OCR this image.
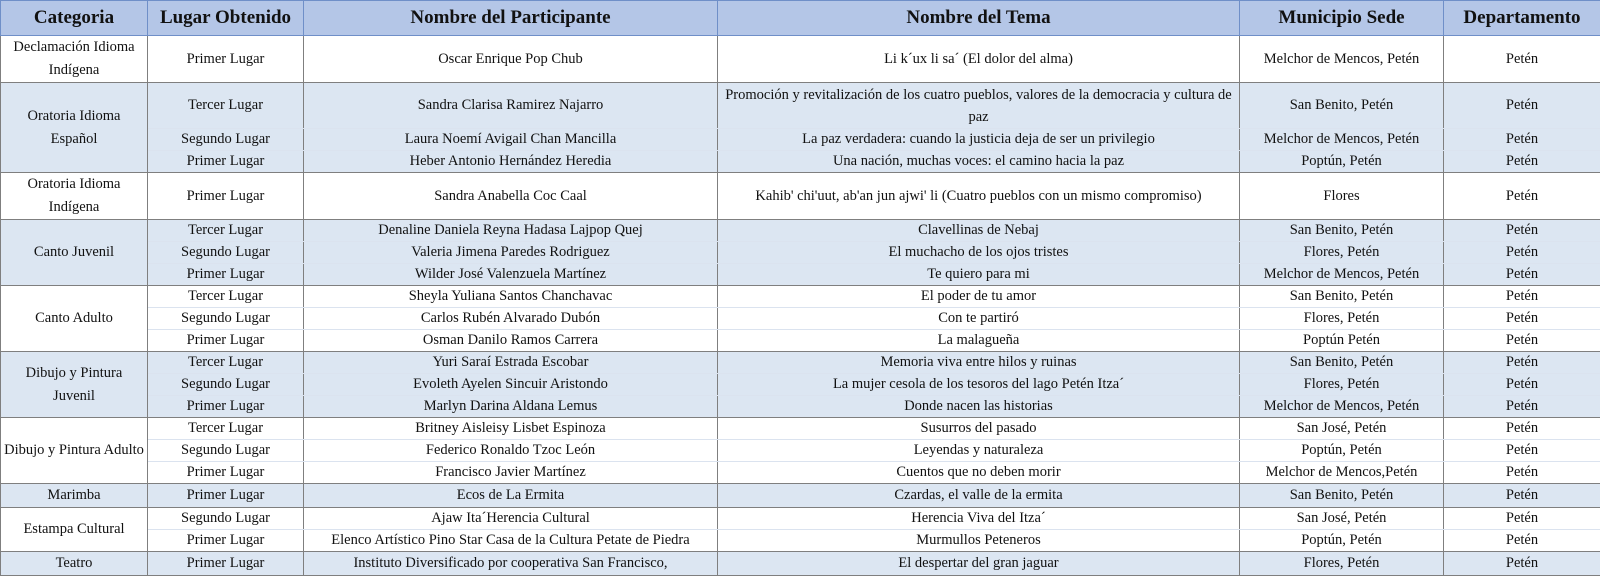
Categoria	Lugar Obtenido	Nombre del Participante	Nombre del Tema	Municipio Sede	Departamento
Declamación Idioma Indígena	Primer Lugar	Oscar Enrique Pop Chub	Li k´ux li sa´ (El dolor del alma)	Melchor de Mencos, Petén	Petén
Oratoria Idioma Español	Tercer Lugar	Sandra Clarisa Ramirez Najarro	Promoción y revitalización de los cuatro pueblos, valores de la democracia y cultura de paz	San Benito, Petén	Petén
	Segundo Lugar	Laura Noemí Avigail Chan Mancilla	La paz verdadera: cuando la justicia deja de ser un privilegio	Melchor de Mencos, Petén	Petén
	Primer Lugar	Heber Antonio Hernández Heredia	Una nación, muchas voces: el camino hacia la paz	Poptún, Petén	Petén
Oratoria Idioma Indígena	Primer Lugar	Sandra Anabella Coc Caal	Kahib' chi'uut, ab'an jun ajwi' li (Cuatro pueblos con un mismo compromiso)	Flores	Petén
Canto Juvenil	Tercer Lugar	Denaline Daniela Reyna Hadasa Lajpop Quej	Clavellinas de Nebaj	San Benito, Petén	Petén
	Segundo Lugar	Valeria Jimena Paredes Rodriguez	El muchacho de los ojos tristes	Flores, Petén	Petén
	Primer Lugar	Wilder José Valenzuela Martínez	Te quiero para mi	Melchor de Mencos, Petén	Petén
Canto Adulto	Tercer Lugar	Sheyla Yuliana Santos Chanchavac	El poder de tu amor	San Benito, Petén	Petén
	Segundo Lugar	Carlos Rubén Alvarado Dubón	Con te partiró	Flores, Petén	Petén
	Primer Lugar	Osman Danilo Ramos Carrera	La malagueña	Poptún Petén	Petén
Dibujo y Pintura Juvenil	Tercer Lugar	Yuri Saraí Estrada Escobar	Memoria viva entre hilos y ruinas	San Benito, Petén	Petén
	Segundo Lugar	Evoleth Ayelen Sincuir Aristondo	La mujer cesola de los tesoros del lago Petén Itza´	Flores, Petén	Petén
	Primer Lugar	Marlyn Darina Aldana Lemus	Donde nacen las historias	Melchor de Mencos, Petén	Petén
Dibujo y Pintura Adulto	Tercer Lugar	Britney Aisleisy Lisbet Espinoza	Susurros del pasado	San José, Petén	Petén
	Segundo Lugar	Federico Ronaldo Tzoc León	Leyendas y naturaleza	Poptún, Petén	Petén
	Primer Lugar	Francisco Javier Martínez	Cuentos que no deben morir	Melchor de Mencos,Petén	Petén
Marimba	Primer Lugar	Ecos de La Ermita	Czardas, el valle de la ermita	San Benito, Petén	Petén
Estampa Cultural	Segundo Lugar	Ajaw Ita´Herencia Cultural	Herencia Viva del Itza´	San José, Petén	Petén
	Primer Lugar	Elenco Artístico Pino Star Casa de la Cultura Petate de Piedra	Murmullos Peteneros	Poptún, Petén	Petén
Teatro	Primer Lugar	Instituto Diversificado por cooperativa San Francisco,	El despertar del gran jaguar	Flores, Petén	Petén
